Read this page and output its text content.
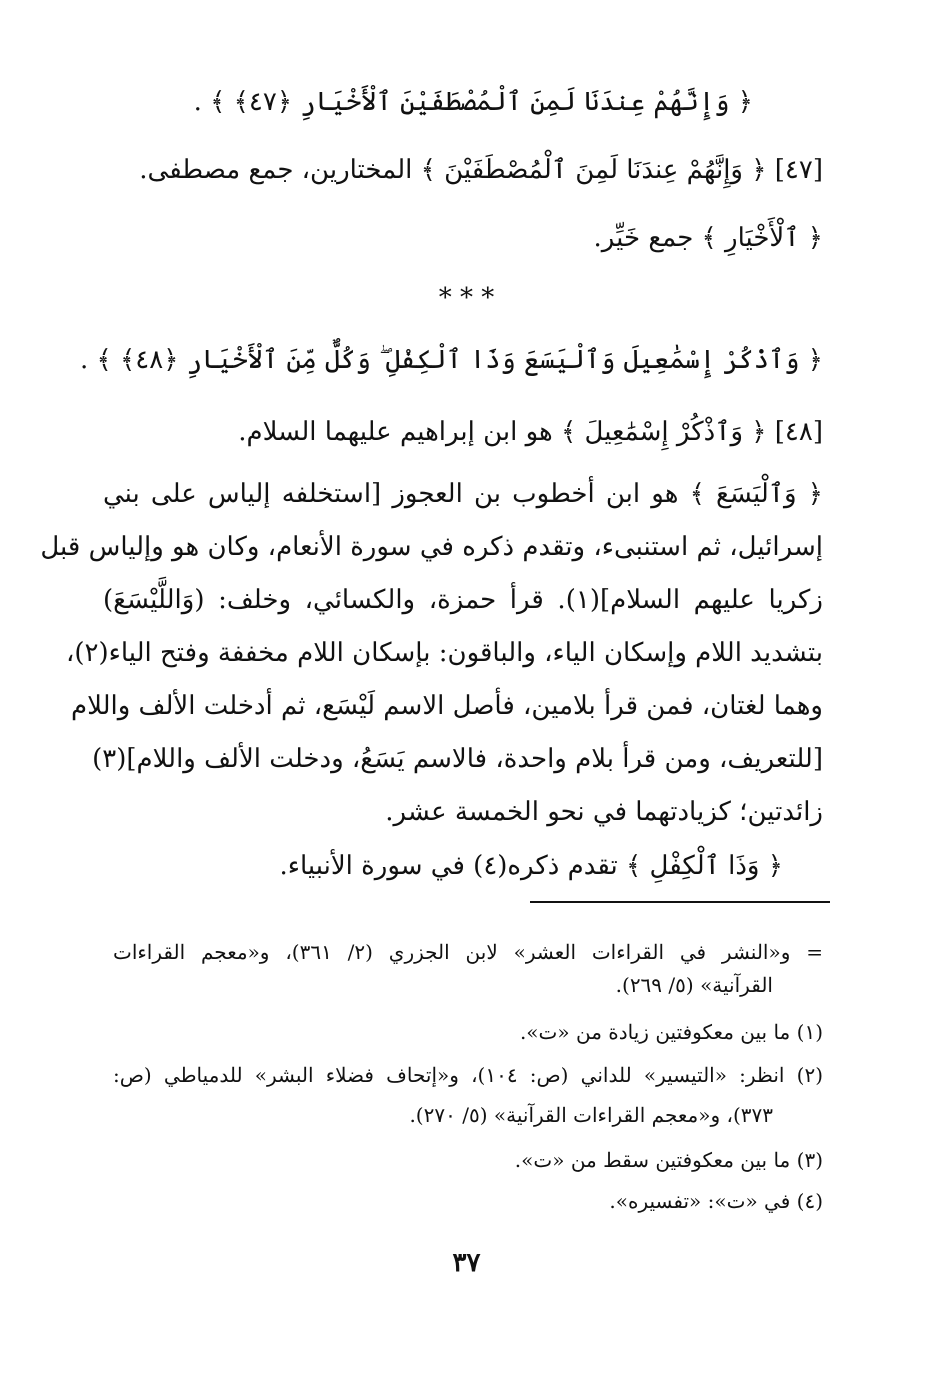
﴿ وَإِنَّهُمْ عِندَنَا لَمِنَ ٱلْمُصْطَفَيْنَ ٱلْأَخْيَارِ ﴿٤٧﴾ ﴾ .
[٤٧] ﴿ وَإِنَّهُمْ عِندَنَا لَمِنَ ٱلْمُصْطَفَيْنَ ﴾ المختارين، جمع مصطفى.
﴿ ٱلْأَخْيَارِ ﴾ جمع خَيِّر.
* * *
﴿ وَٱذْكُرْ إِسْمَٰعِيلَ وَٱلْيَسَعَ وَذَا ٱلْكِفْلِ ۖ وَكُلٌّ مِّنَ ٱلْأَخْيَارِ ﴿٤٨﴾ ﴾ .
[٤٨] ﴿ وَٱذْكُرْ إِسْمَٰعِيلَ ﴾ هو ابن إبراهيم عليهما السلام.
﴿ وَٱلْيَسَعَ ﴾ هو ابن أخطوب بن العجوز [استخلفه إلياس على بني
إسرائيل، ثم استنبىء، وتقدم ذكره في سورة الأنعام، وكان هو وإلياس قبل
زكريا عليهم السلام](١). قرأ حمزة، والكسائي، وخلف: (وَاللَّيْسَعَ)
بتشديد اللام وإسكان الياء، والباقون: بإسكان اللام مخففة وفتح الياء(٢)،
وهما لغتان، فمن قرأ بلامين، فأصل الاسم لَيْسَع، ثم أدخلت الألف واللام
[للتعريف، ومن قرأ بلام واحدة، فالاسم يَسَعُ، ودخلت الألف واللام](٣)
زائدتين؛ كزيادتهما في نحو الخمسة عشر.
﴿ وَذَا ٱلْكِفْلِ ﴾ تقدم ذكره(٤) في سورة الأنبياء.
= و«النشر في القراءات العشر» لابن الجزري (٢/ ٣٦١)، و«معجم القراءات
القرآنية» (٥/ ٢٦٩).
(١) ما بين معكوفتين زيادة من «ت».
(٢) انظر: «التيسير» للداني (ص: ١٠٤)، و«إتحاف فضلاء البشر» للدمياطي (ص:
٣٧٣)، و«معجم القراءات القرآنية» (٥/ ٢٧٠).
(٣) ما بين معكوفتين سقط من «ت».
(٤) في «ت»: «تفسيره».
٣٧
